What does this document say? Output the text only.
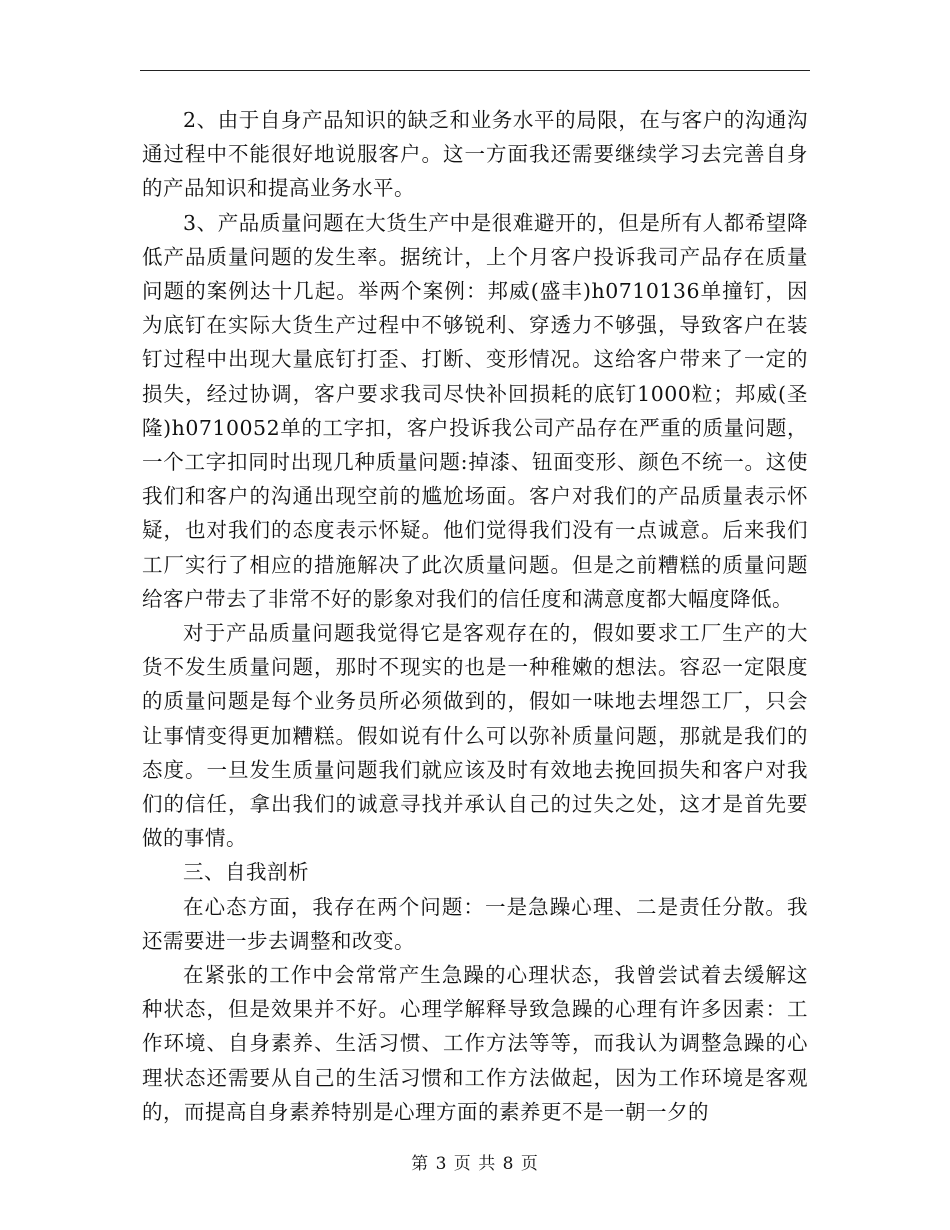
2、由于自身产品知识的缺乏和业务水平的局限，在与客户的沟通沟通过程中不能很好地说服客户。这一方面我还需要继续学习去完善自身的产品知识和提高业务水平。

3、产品质量问题在大货生产中是很难避开的，但是所有人都希望降低产品质量问题的发生率。据统计，上个月客户投诉我司产品存在质量问题的案例达十几起。举两个案例：邦威(盛丰)h0710136单撞钉，因为底钉在实际大货生产过程中不够锐利、穿透力不够强，导致客户在装钉过程中出现大量底钉打歪、打断、变形情况。这给客户带来了一定的损失，经过协调，客户要求我司尽快补回损耗的底钉1000粒；邦威(圣隆)h0710052单的工字扣，客户投诉我公司产品存在严重的质量问题，一个工字扣同时出现几种质量问题:掉漆、钮面变形、颜色不统一。这使我们和客户的沟通出现空前的尴尬场面。客户对我们的产品质量表示怀疑，也对我们的态度表示怀疑。他们觉得我们没有一点诚意。后来我们工厂实行了相应的措施解决了此次质量问题。但是之前糟糕的质量问题给客户带去了非常不好的影象对我们的信任度和满意度都大幅度降低。

对于产品质量问题我觉得它是客观存在的，假如要求工厂生产的大货不发生质量问题，那时不现实的也是一种稚嫩的想法。容忍一定限度的质量问题是每个业务员所必须做到的，假如一味地去埋怨工厂，只会让事情变得更加糟糕。假如说有什么可以弥补质量问题，那就是我们的态度。一旦发生质量问题我们就应该及时有效地去挽回损失和客户对我们的信任，拿出我们的诚意寻找并承认自己的过失之处，这才是首先要做的事情。

三、自我剖析

在心态方面，我存在两个问题：一是急躁心理、二是责任分散。我还需要进一步去调整和改变。

在紧张的工作中会常常产生急躁的心理状态，我曾尝试着去缓解这种状态，但是效果并不好。心理学解释导致急躁的心理有许多因素：工作环境、自身素养、生活习惯、工作方法等等，而我认为调整急躁的心理状态还需要从自己的生活习惯和工作方法做起，因为工作环境是客观的，而提高自身素养特别是心理方面的素养更不是一朝一夕的

第 3 页 共 8 页
